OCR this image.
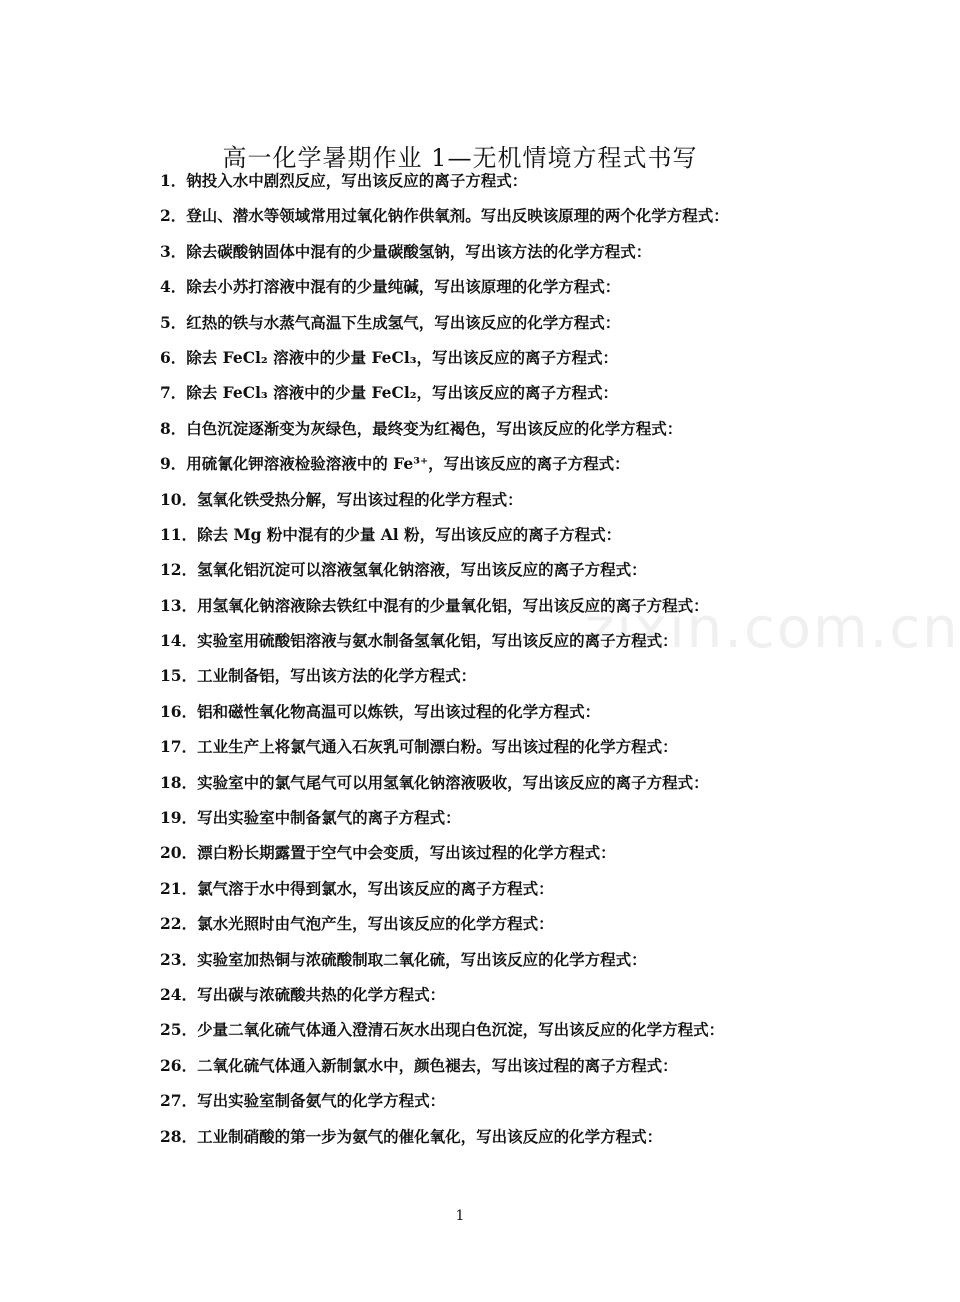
zixin.com.cn
高一化学暑期作业 1—无机情境方程式书写
1．钠投入水中剧烈反应，写出该反应的离子方程式：
2．登山、潜水等领域常用过氧化钠作供氧剂。写出反映该原理的两个化学方程式：
3．除去碳酸钠固体中混有的少量碳酸氢钠，写出该方法的化学方程式：
4．除去小苏打溶液中混有的少量纯碱，写出该原理的化学方程式：
5．红热的铁与水蒸气高温下生成氢气，写出该反应的化学方程式：
6．除去 FeCl₂ 溶液中的少量 FeCl₃，写出该反应的离子方程式：
7．除去 FeCl₃ 溶液中的少量 FeCl₂，写出该反应的离子方程式：
8．白色沉淀逐渐变为灰绿色，最终变为红褐色，写出该反应的化学方程式：
9．用硫氰化钾溶液检验溶液中的 Fe³⁺，写出该反应的离子方程式：
10．氢氧化铁受热分解，写出该过程的化学方程式：
11．除去 Mg 粉中混有的少量 Al 粉，写出该反应的离子方程式：
12．氢氧化铝沉淀可以溶液氢氧化钠溶液，写出该反应的离子方程式：
13．用氢氧化钠溶液除去铁红中混有的少量氧化铝，写出该反应的离子方程式：
14．实验室用硫酸铝溶液与氨水制备氢氧化铝，写出该反应的离子方程式：
15．工业制备铝，写出该方法的化学方程式：
16．铝和磁性氧化物高温可以炼铁，写出该过程的化学方程式：
17．工业生产上将氯气通入石灰乳可制漂白粉。写出该过程的化学方程式：
18．实验室中的氯气尾气可以用氢氧化钠溶液吸收，写出该反应的离子方程式：
19．写出实验室中制备氯气的离子方程式：
20．漂白粉长期露置于空气中会变质，写出该过程的化学方程式：
21．氯气溶于水中得到氯水，写出该反应的离子方程式：
22．氯水光照时由气泡产生，写出该反应的化学方程式：
23．实验室加热铜与浓硫酸制取二氧化硫，写出该反应的化学方程式：
24．写出碳与浓硫酸共热的化学方程式：
25．少量二氧化硫气体通入澄清石灰水出现白色沉淀，写出该反应的化学方程式：
26．二氧化硫气体通入新制氯水中，颜色褪去，写出该过程的离子方程式：
27．写出实验室制备氨气的化学方程式：
28．工业制硝酸的第一步为氨气的催化氧化，写出该反应的化学方程式：
1
